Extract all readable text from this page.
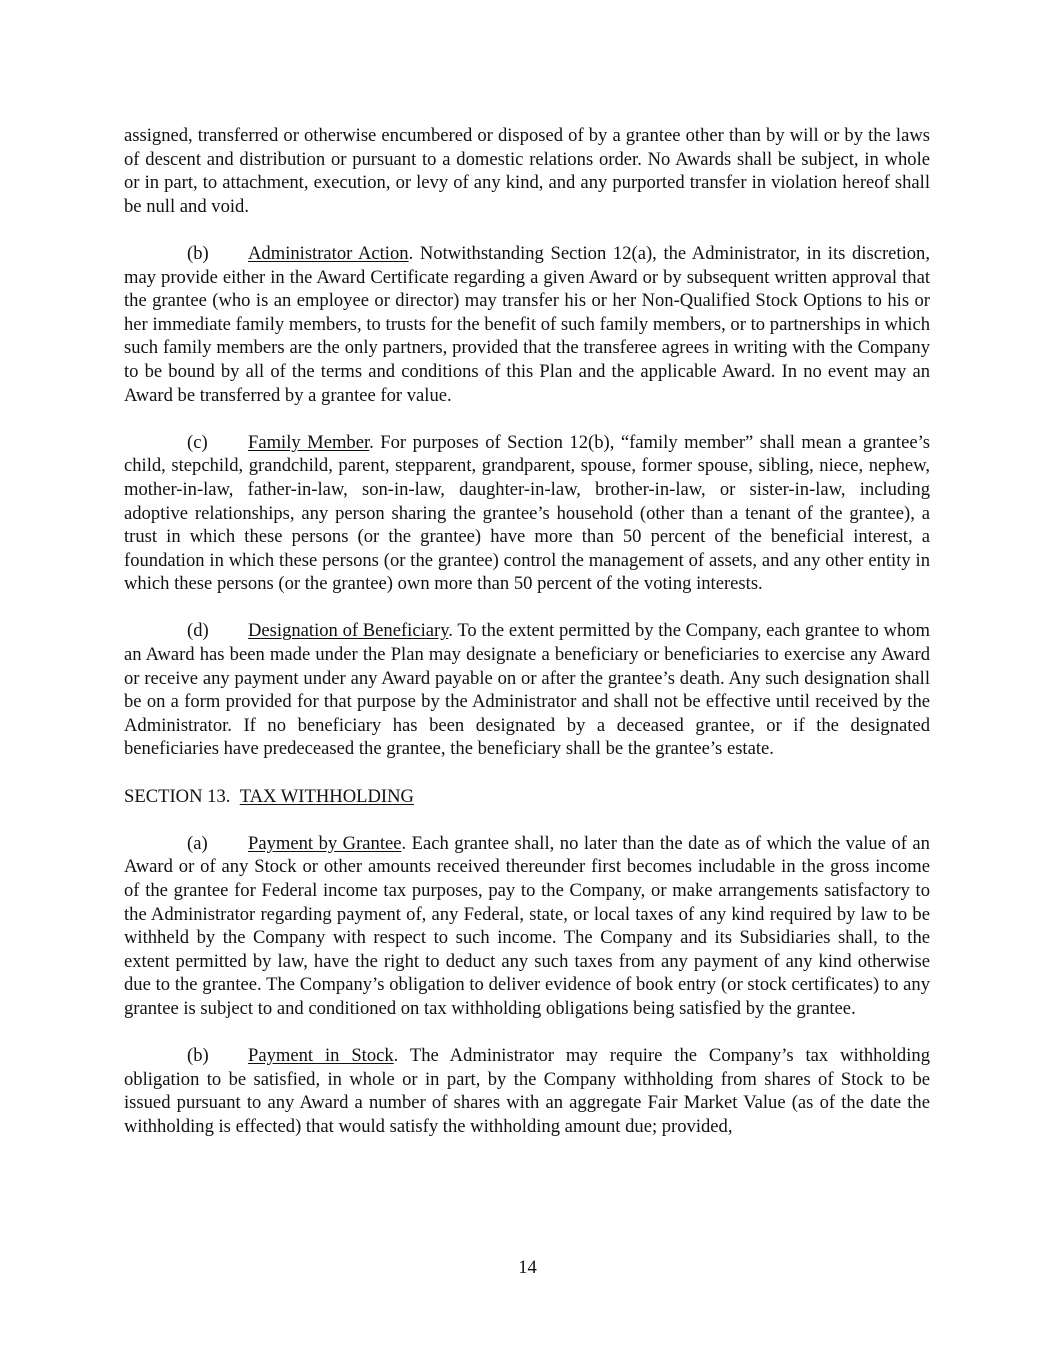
assigned, transferred or otherwise encumbered or disposed of by a grantee other than by will or by the laws of descent and distribution or pursuant to a domestic relations order. No Awards shall be subject, in whole or in part, to attachment, execution, or levy of any kind, and any purported transfer in violation hereof shall be null and void.

(b) Administrator Action. Notwithstanding Section 12(a), the Administrator, in its discretion, may provide either in the Award Certificate regarding a given Award or by subsequent written approval that the grantee (who is an employee or director) may transfer his or her Non-Qualified Stock Options to his or her immediate family members, to trusts for the benefit of such family members, or to partnerships in which such family members are the only partners, provided that the transferee agrees in writing with the Company to be bound by all of the terms and conditions of this Plan and the applicable Award. In no event may an Award be transferred by a grantee for value.

(c) Family Member. For purposes of Section 12(b), “family member” shall mean a grantee’s child, stepchild, grandchild, parent, stepparent, grandparent, spouse, former spouse, sibling, niece, nephew, mother-in-law, father-in-law, son-in-law, daughter-in-law, brother-in-law, or sister-in-law, including adoptive relationships, any person sharing the grantee’s household (other than a tenant of the grantee), a trust in which these persons (or the grantee) have more than 50 percent of the beneficial interest, a foundation in which these persons (or the grantee) control the management of assets, and any other entity in which these persons (or the grantee) own more than 50 percent of the voting interests.

(d) Designation of Beneficiary. To the extent permitted by the Company, each grantee to whom an Award has been made under the Plan may designate a beneficiary or beneficiaries to exercise any Award or receive any payment under any Award payable on or after the grantee’s death. Any such designation shall be on a form provided for that purpose by the Administrator and shall not be effective until received by the Administrator. If no beneficiary has been designated by a deceased grantee, or if the designated beneficiaries have predeceased the grantee, the beneficiary shall be the grantee’s estate.

SECTION 13. TAX WITHHOLDING

(a) Payment by Grantee. Each grantee shall, no later than the date as of which the value of an Award or of any Stock or other amounts received thereunder first becomes includable in the gross income of the grantee for Federal income tax purposes, pay to the Company, or make arrangements satisfactory to the Administrator regarding payment of, any Federal, state, or local taxes of any kind required by law to be withheld by the Company with respect to such income. The Company and its Subsidiaries shall, to the extent permitted by law, have the right to deduct any such taxes from any payment of any kind otherwise due to the grantee. The Company’s obligation to deliver evidence of book entry (or stock certificates) to any grantee is subject to and conditioned on tax withholding obligations being satisfied by the grantee.

(b) Payment in Stock. The Administrator may require the Company’s tax withholding obligation to be satisfied, in whole or in part, by the Company withholding from shares of Stock to be issued pursuant to any Award a number of shares with an aggregate Fair Market Value (as of the date the withholding is effected) that would satisfy the withholding amount due; provided,

14
